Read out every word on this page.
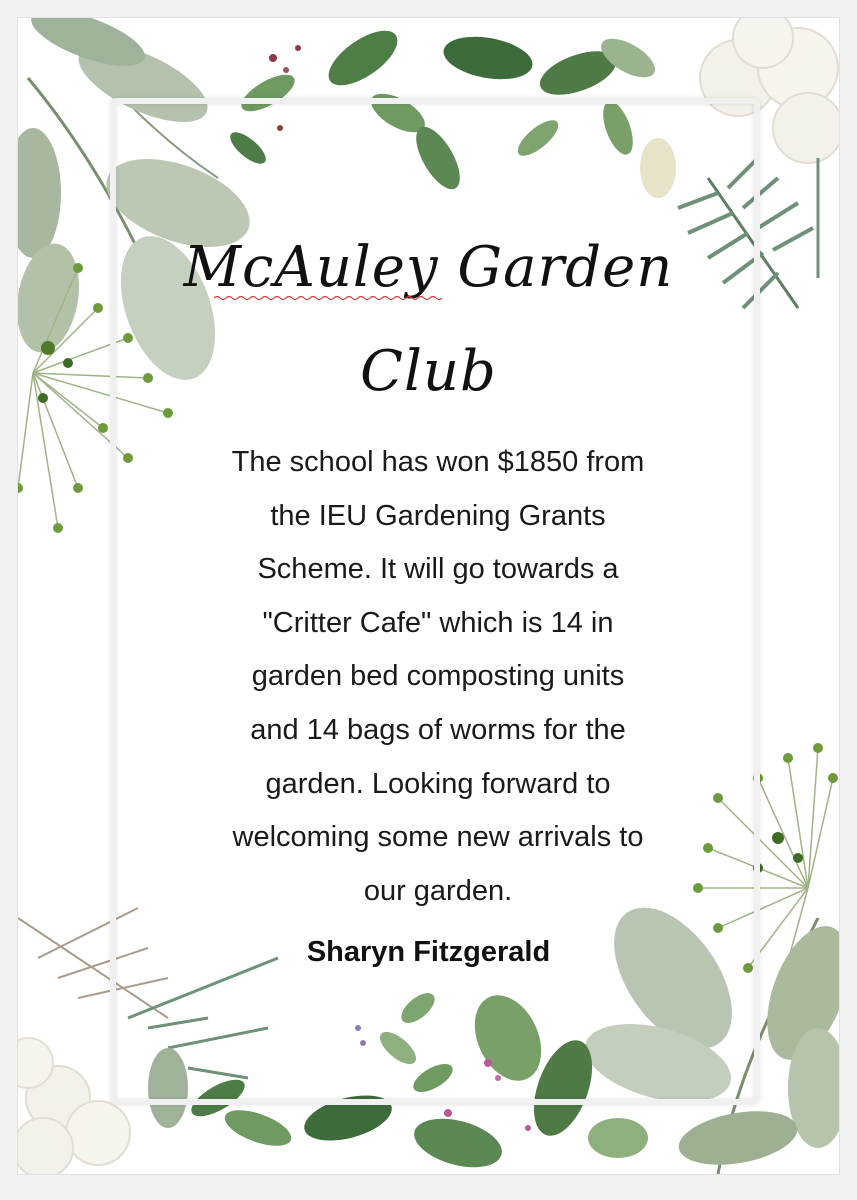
McAuley Garden
Club
The school has won $1850 from
the IEU Gardening Grants
Scheme. It will go towards a
"Critter Cafe" which is 14 in
garden bed composting units
and 14 bags of worms for the
garden. Looking forward to
welcoming some new arrivals to
our garden.
Sharyn Fitzgerald
